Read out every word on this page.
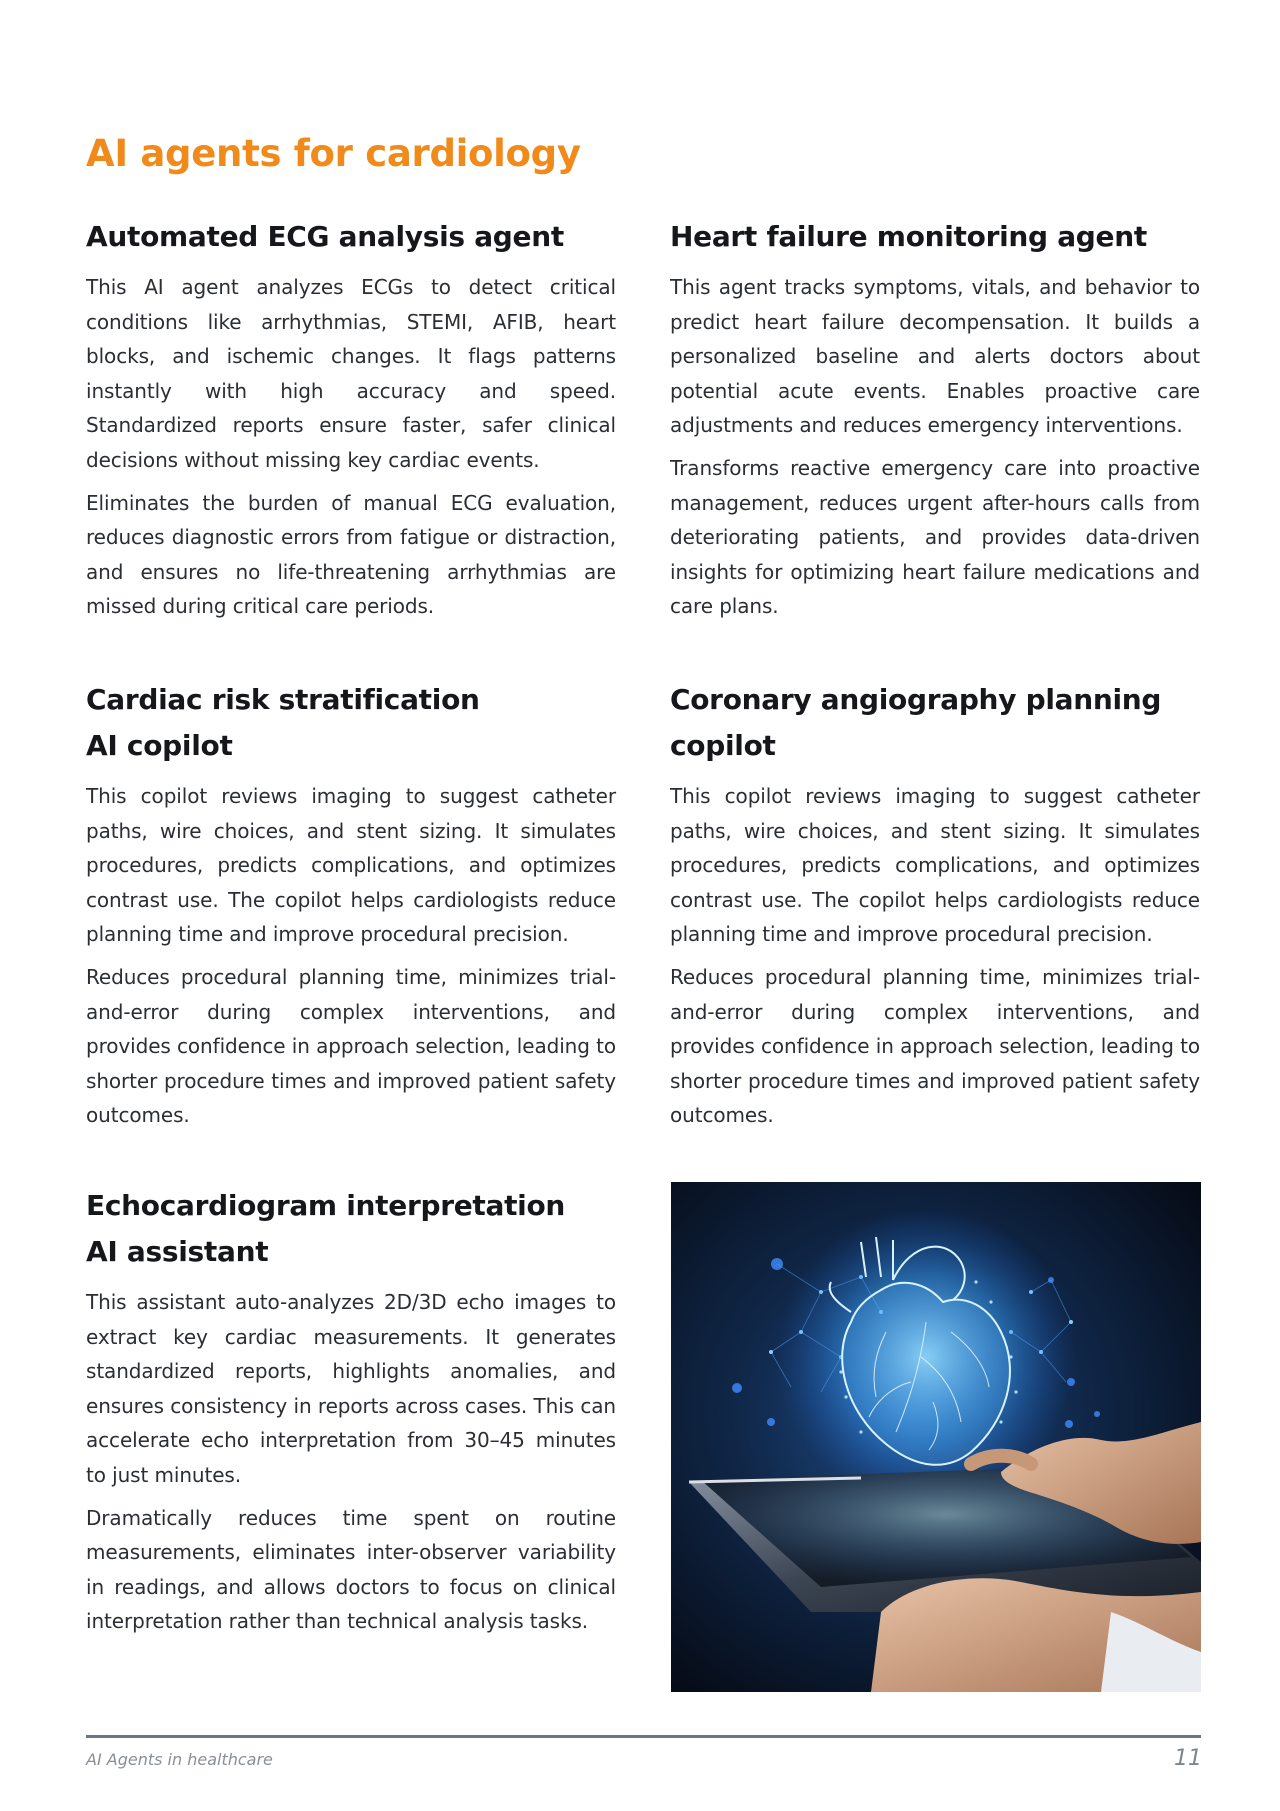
AI agents for cardiology
Automated ECG analysis agent

This AI agent analyzes ECGs to detect critical conditions like arrhythmias, STEMI, AFIB, heart blocks, and ischemic changes. It flags patterns instantly with high accuracy and speed. Standardized reports ensure faster, safer clinical decisions without missing key cardiac events.

Eliminates the burden of manual ECG evaluation, reduces diagnostic errors from fatigue or distraction, and ensures no life-threatening arrhythmias are missed during critical care periods.

Heart failure monitoring agent

This agent tracks symptoms, vitals, and behavior to predict heart failure decompensation. It builds a personalized baseline and alerts doctors about potential acute events. Enables proactive care adjustments and reduces emergency interventions.

Transforms reactive emergency care into proactive management, reduces urgent after-hours calls from deteriorating patients, and provides data-driven insights for optimizing heart failure medications and care plans.

Cardiac risk stratification
AI copilot

This copilot reviews imaging to suggest catheter paths, wire choices, and stent sizing. It simulates procedures, predicts complications, and optimizes contrast use. The copilot helps cardiologists reduce planning time and improve procedural precision.

Reduces procedural planning time, minimizes trial-and-error during complex interventions, and provides confidence in approach selection, leading to shorter procedure times and improved patient safety outcomes.

Coronary angiography planning
copilot

This copilot reviews imaging to suggest catheter paths, wire choices, and stent sizing. It simulates procedures, predicts complications, and optimizes contrast use. The copilot helps cardiologists reduce planning time and improve procedural precision.

Reduces procedural planning time, minimizes trial-and-error during complex interventions, and provides confidence in approach selection, leading to shorter procedure times and improved patient safety outcomes.

Echocardiogram interpretation
AI assistant

This assistant auto-analyzes 2D/3D echo images to extract key cardiac measurements. It generates standardized reports, highlights anomalies, and ensures consistency in reports across cases. This can accelerate echo interpretation from 30–45 minutes to just minutes.

Dramatically reduces time spent on routine measurements, eliminates inter-observer variability in readings, and allows doctors to focus on clinical interpretation rather than technical analysis tasks.

AI Agents in healthcare	11
